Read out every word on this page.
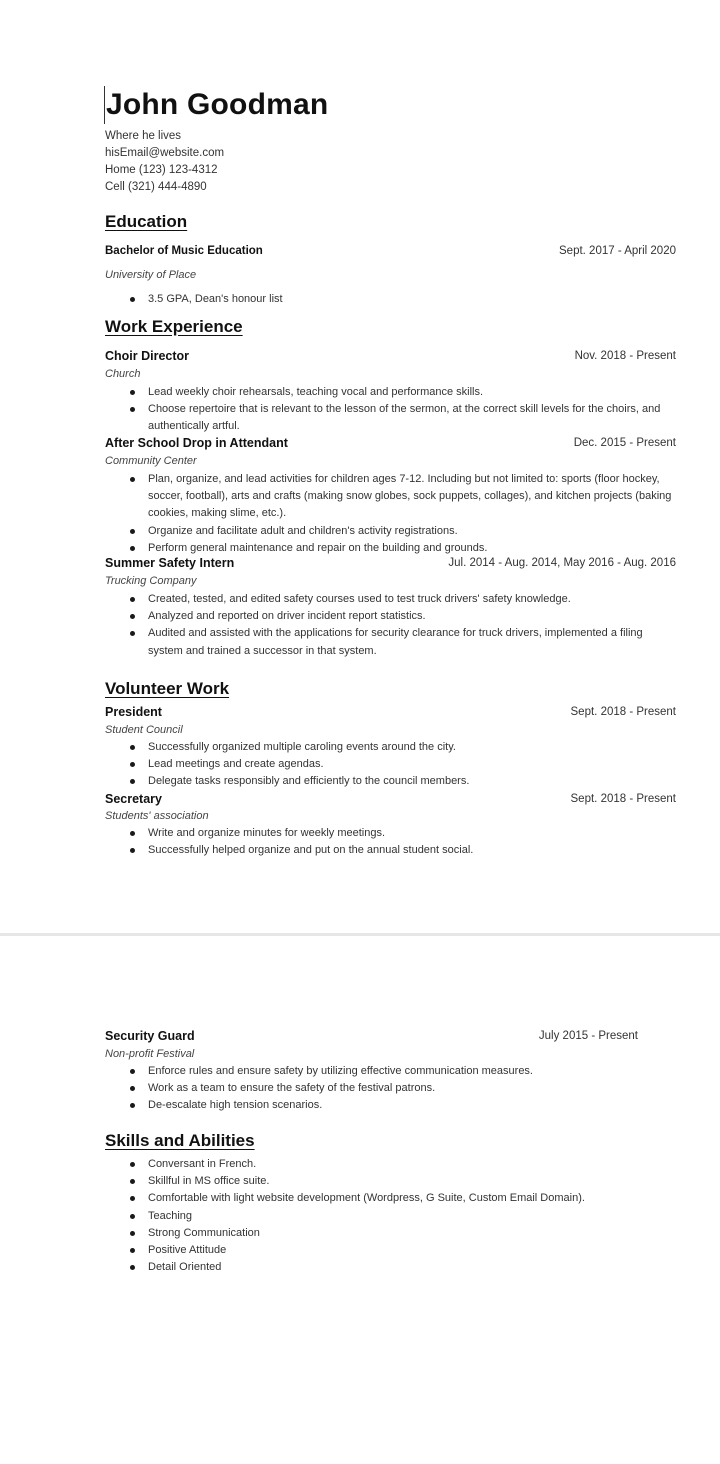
John Goodman
Where he lives
hisEmail@website.com
Home (123) 123-4312
Cell (321) 444-4890
Education
Bachelor of Music Education	Sept. 2017 - April 2020
University of Place
3.5 GPA, Dean's honour list
Work Experience
Choir Director	Nov. 2018 - Present
Church
Lead weekly choir rehearsals, teaching vocal and performance skills.
Choose repertoire that is relevant to the lesson of the sermon, at the correct skill levels for the choirs, and authentically artful.
After School Drop in Attendant	Dec. 2015 - Present
Community Center
Plan, organize, and lead activities for children ages 7-12. Including but not limited to: sports (floor hockey, soccer, football), arts and crafts (making snow globes, sock puppets, collages), and kitchen projects (baking cookies, making slime, etc.).
Organize and facilitate adult and children's activity registrations.
Perform general maintenance and repair on the building and grounds.
Summer Safety Intern	Jul. 2014 - Aug. 2014, May 2016 - Aug. 2016
Trucking Company
Created, tested, and edited safety courses used to test truck drivers' safety knowledge.
Analyzed and reported on driver incident report statistics.
Audited and assisted with the applications for security clearance for truck drivers, implemented a filing system and trained a successor in that system.
Volunteer Work
President	Sept. 2018 - Present
Student Council
Successfully organized multiple caroling events around the city.
Lead meetings and create agendas.
Delegate tasks responsibly and efficiently to the council members.
Secretary	Sept. 2018 - Present
Students' association
Write and organize minutes for weekly meetings.
Successfully helped organize and put on the annual student social.
Security Guard	July 2015 - Present
Non-profit Festival
Enforce rules and ensure safety by utilizing effective communication measures.
Work as a team to ensure the safety of the festival patrons.
De-escalate high tension scenarios.
Skills and Abilities
Conversant in French.
Skillful in MS office suite.
Comfortable with light website development (Wordpress, G Suite, Custom Email Domain).
Teaching
Strong Communication
Positive Attitude
Detail Oriented
